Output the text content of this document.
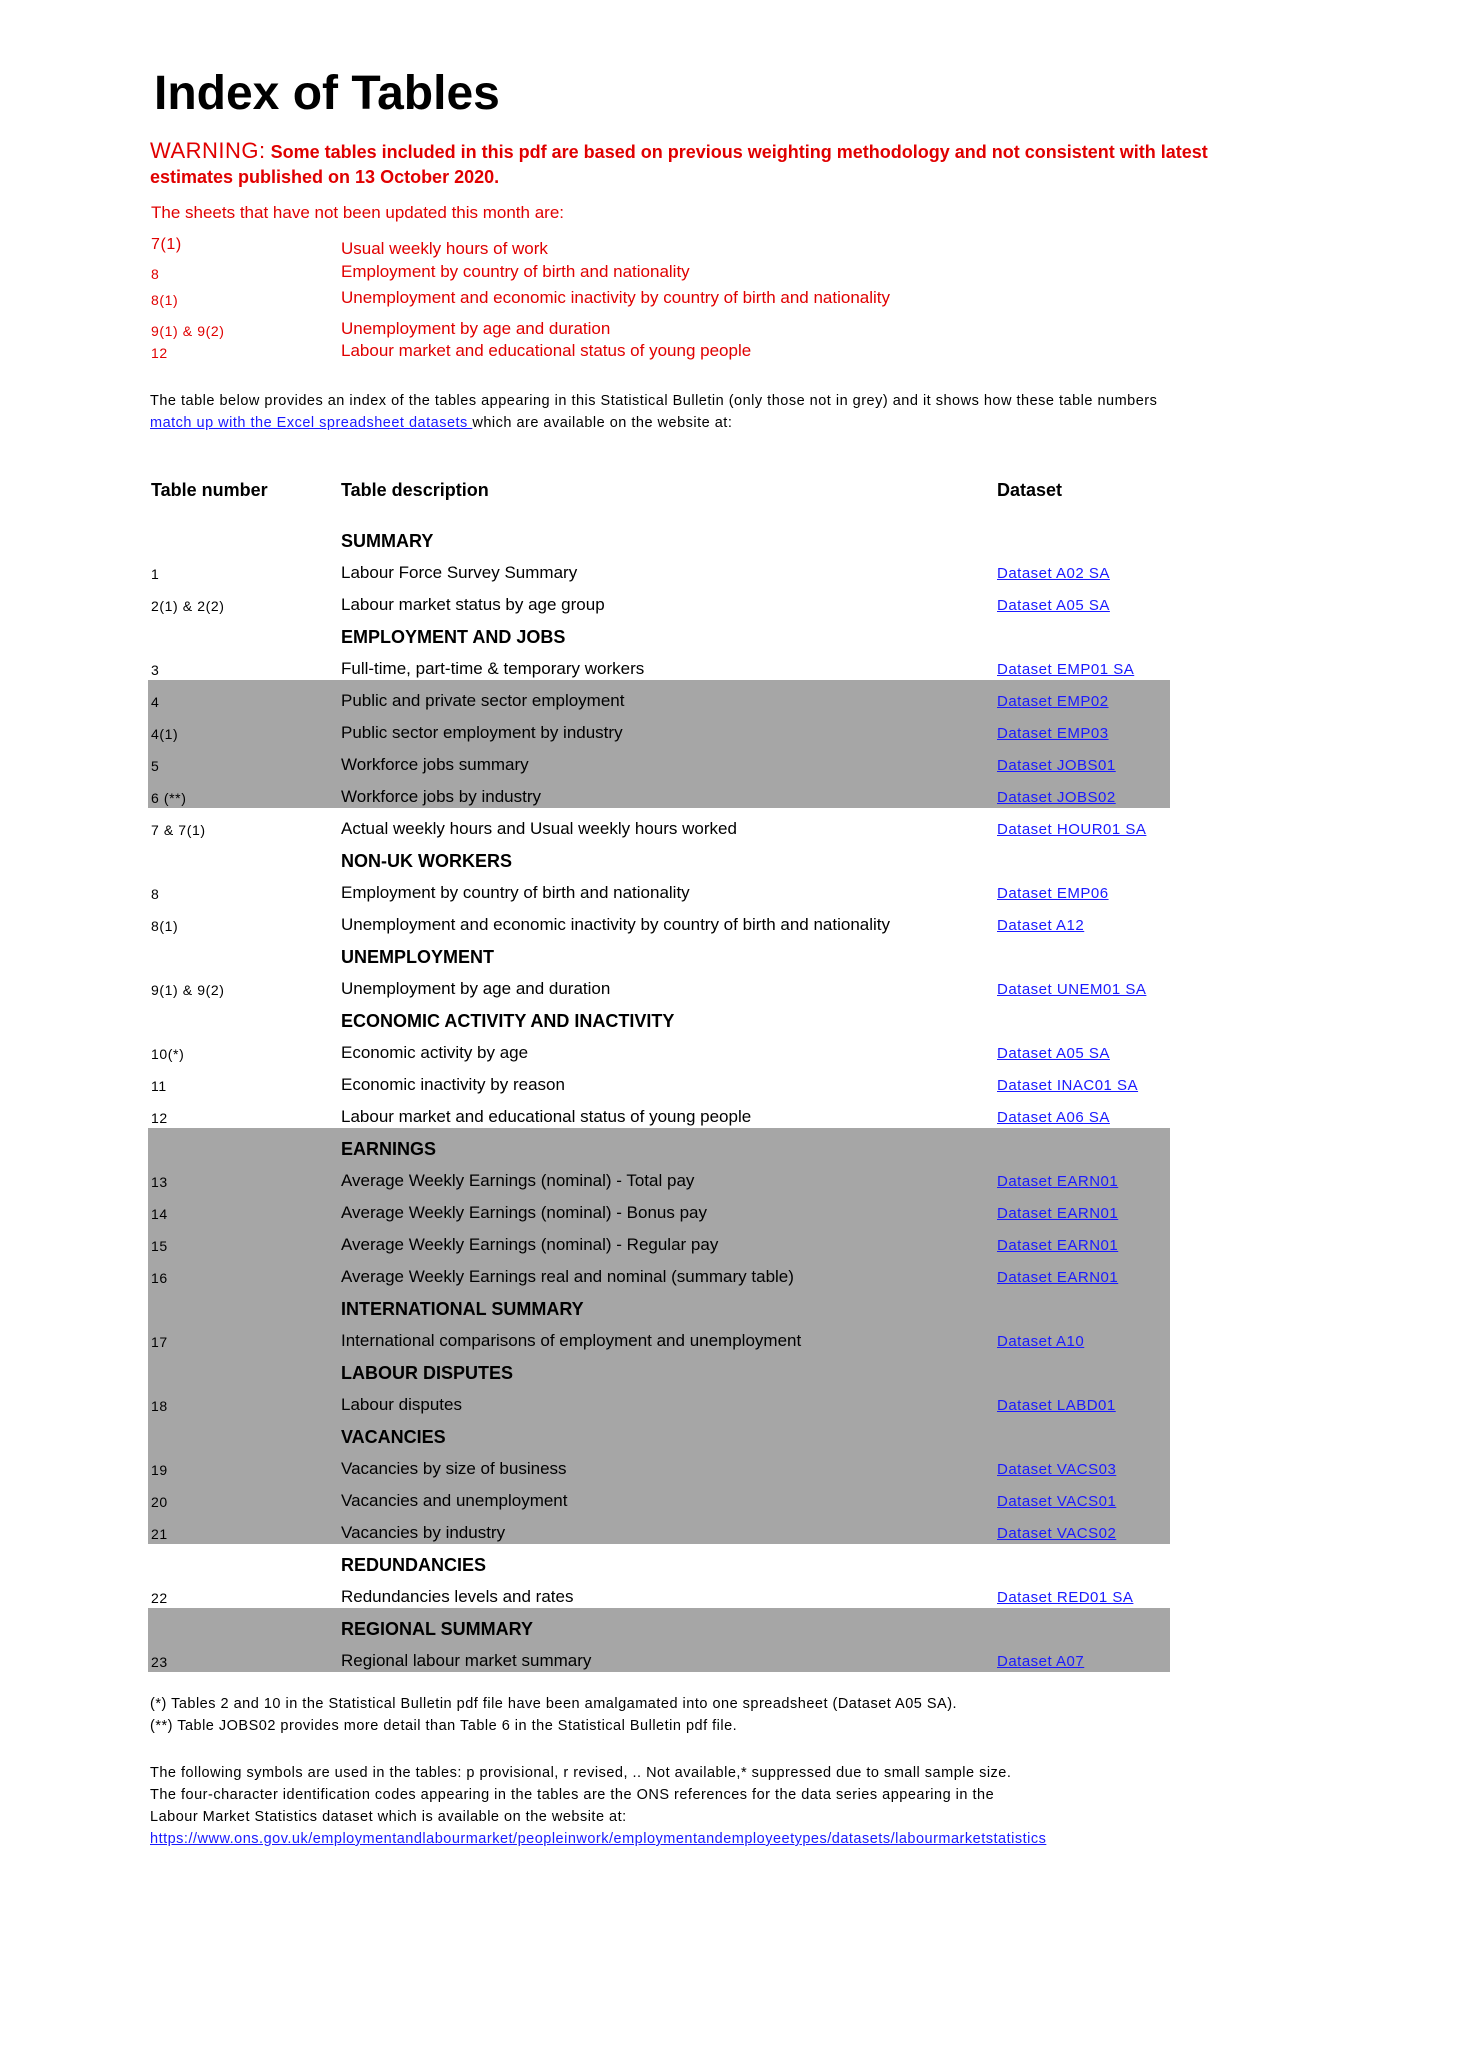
Index of Tables
WARNING: Some tables included in this pdf are based on previous weighting methodology and not consistent with latest estimates published on 13 October 2020.
The sheets that have not been updated this month are:
7(1)	Usual weekly hours of work
8	Employment by country of birth and nationality
8(1)	Unemployment and economic inactivity by country of birth and nationality
9(1) & 9(2)	Unemployment by age and duration
12	Labour market and educational status of young people
The table below provides an index of the tables appearing in this Statistical Bulletin (only those not in grey) and it shows how these table numbers
match up with the Excel spreadsheet datasets which are available on the website at:
Table number	Table description	Dataset
SUMMARY
1	Labour Force Survey Summary	Dataset A02 SA
2(1) & 2(2)	Labour market status by age group	Dataset A05 SA
EMPLOYMENT AND JOBS
3	Full-time, part-time & temporary workers	Dataset EMP01 SA
4	Public and private sector employment	Dataset EMP02
4(1)	Public sector employment by industry	Dataset EMP03
5	Workforce jobs summary	Dataset JOBS01
6 (**)	Workforce jobs by industry	Dataset JOBS02
7 & 7(1)	Actual weekly hours and Usual weekly hours worked	Dataset HOUR01 SA
NON-UK WORKERS
8	Employment by country of birth and nationality	Dataset EMP06
8(1)	Unemployment and economic inactivity by country of birth and nationality	Dataset A12
UNEMPLOYMENT
9(1) & 9(2)	Unemployment by age and duration	Dataset UNEM01 SA
ECONOMIC ACTIVITY AND INACTIVITY
10(*)	Economic activity by age	Dataset A05 SA
11	Economic inactivity by reason	Dataset INAC01 SA
12	Labour market and educational status of young people	Dataset A06 SA
EARNINGS
13	Average Weekly Earnings (nominal) - Total pay	Dataset EARN01
14	Average Weekly Earnings (nominal) - Bonus pay	Dataset EARN01
15	Average Weekly Earnings (nominal) - Regular pay	Dataset EARN01
16	Average Weekly Earnings real and nominal (summary table)	Dataset EARN01
INTERNATIONAL SUMMARY
17	International comparisons of employment and unemployment	Dataset A10
LABOUR DISPUTES
18	Labour disputes	Dataset LABD01
VACANCIES
19	Vacancies by size of business	Dataset VACS03
20	Vacancies and unemployment	Dataset VACS01
21	Vacancies by industry	Dataset VACS02
REDUNDANCIES
22	Redundancies levels and rates	Dataset RED01 SA
REGIONAL SUMMARY
23	Regional labour market summary	Dataset A07
(*) Tables 2 and 10 in the Statistical Bulletin pdf file have been amalgamated into one spreadsheet (Dataset A05 SA).
(**) Table JOBS02 provides more detail than Table 6 in the Statistical Bulletin pdf file.
The following symbols are used in the tables: p provisional, r revised, .. Not available,* suppressed due to small sample size.
The four-character identification codes appearing in the tables are the ONS references for the data series appearing in the
Labour Market Statistics dataset which is available on the website at:
https://www.ons.gov.uk/employmentandlabourmarket/peopleinwork/employmentandemployeetypes/datasets/labourmarketstatistics
